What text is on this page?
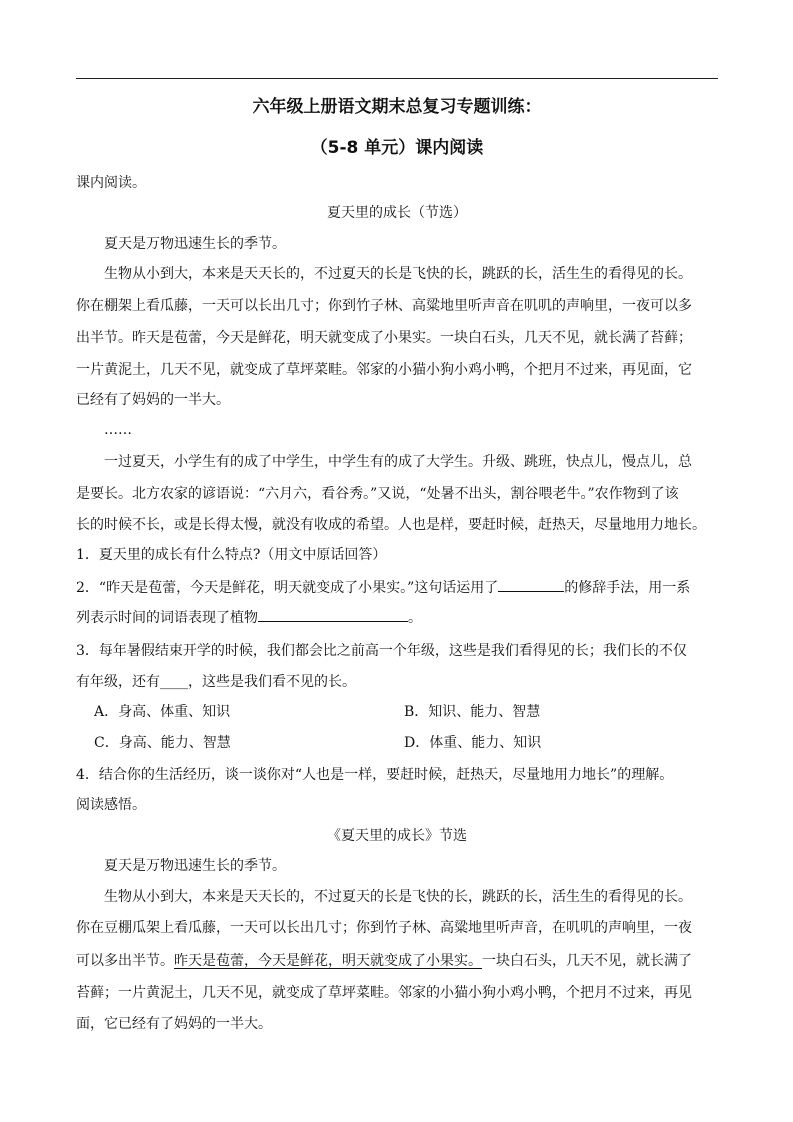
六年级上册语文期末总复习专题训练：
（5-8 单元）课内阅读
课内阅读。
夏天里的成长（节选）
夏天是万物迅速生长的季节。
生物从小到大，本来是天天长的，不过夏天的长是飞快的长，跳跃的长，活生生的看得见的长。
你在棚架上看瓜藤，一天可以长出几寸；你到竹子林、高粱地里听声音在叽叽的声响里，一夜可以多
出半节。昨天是苞蕾，今天是鲜花，明天就变成了小果实。一块白石头，几天不见，就长满了苔藓；
一片黄泥土，几天不见，就变成了草坪菜畦。邻家的小猫小狗小鸡小鸭，个把月不过来，再见面，它
已经有了妈妈的一半大。
……
一过夏天，小学生有的成了中学生，中学生有的成了大学生。升级、跳班，快点儿，慢点儿，总
是要长。北方农家的谚语说：“六月六，看谷秀。”又说，“处暑不出头，割谷喂老牛。”农作物到了该
长的时候不长，或是长得太慢，就没有收成的希望。人也是样，要赶时候，赶热天，尽量地用力地长。
1．夏天里的成长有什么特点?（用文中原话回答）
2．“昨天是苞蕾，今天是鲜花，明天就变成了小果实。”这句话运用了	的修辞手法，用一系
列表示时间的词语表现了植物	。
3．每年暑假结束开学的时候，我们都会比之前高一个年级，这些是我们看得见的长；我们长的不仅
有年级，还有____，这些是我们看不见的长。
A．身高、体重、知识	B．知识、能力、智慧
C．身高、能力、智慧	D．体重、能力、知识
4．结合你的生活经历，谈一谈你对“人也是一样，要赶时候，赶热天，尽量地用力地长”的理解。
阅读感悟。
《夏天里的成长》节选
夏天是万物迅速生长的季节。
生物从小到大，本来是天天长的，不过夏天的长是飞快的长，跳跃的长，活生生的看得见的长。
你在豆棚瓜架上看瓜藤，一天可以长出几寸；你到竹子林、高粱地里听声音，在叽叽的声响里，一夜
可以多出半节。昨天是苞蕾，今天是鲜花，明天就变成了小果实。一块白石头，几天不见，就长满了
苔藓；一片黄泥土，几天不见，就变成了草坪菜畦。邻家的小猫小狗小鸡小鸭，个把月不过来，再见
面，它已经有了妈妈的一半大。
